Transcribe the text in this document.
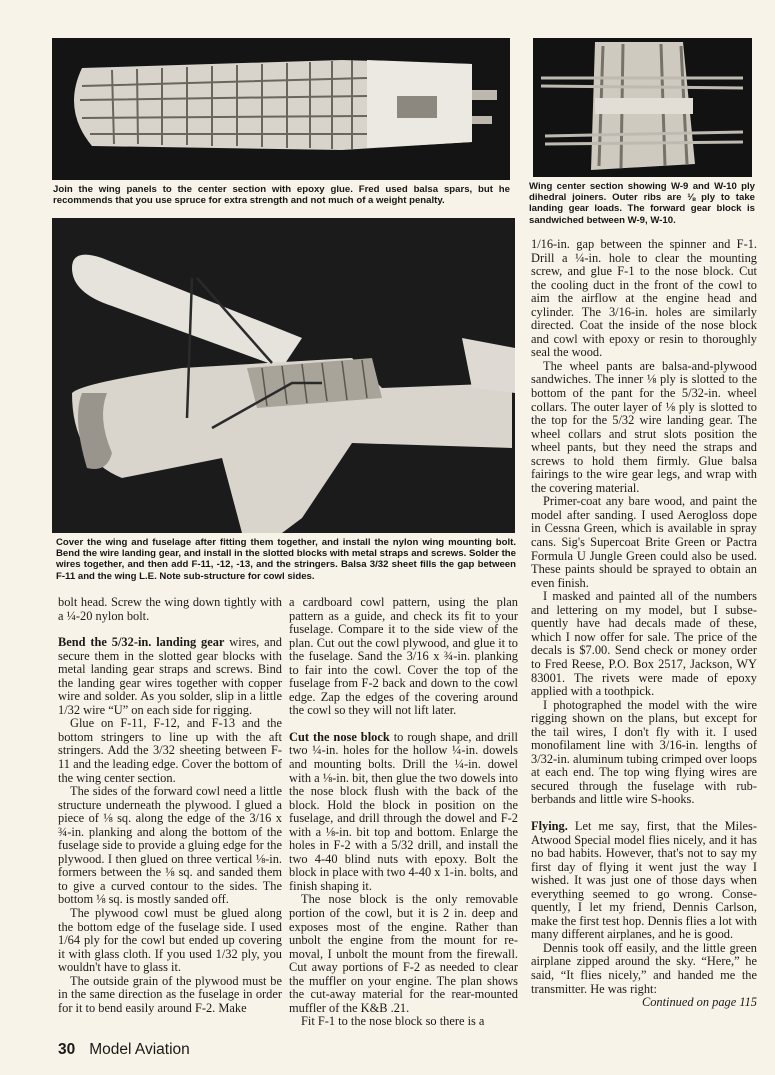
Join the wing panels to the center section with epoxy glue. Fred used balsa spars, but he recommends that you use spruce for extra strength and not much of a weight penalty.
Wing center section showing W-9 and W-10 ply dihedral joiners. Outer ribs are ⅛ ply to take landing gear loads. The forward gear block is sandwiched between W-9, W-10.
Cover the wing and fuselage after fitting them together, and install the nylon wing mounting bolt. Bend the wire landing gear, and install in the slotted blocks with metal straps and screws. Solder the wires together, and then add F-11, -12, -13, and the stringers. Balsa 3/32 sheet fills the gap between F-11 and the wing L.E. Note sub-structure for cowl sides.

bolt head. Screw the wing down tightly with a ¼-20 nylon bolt.

Bend the 5/32-in. landing gear wires, and secure them in the slotted gear blocks with metal landing gear straps and screws. Bind the landing gear wires together with copper wire and solder. As you solder, slip in a little 1/32 wire “U” on each side for rigging.

Glue on F-11, F-12, and F-13 and the bottom stringers to line up with the aft stringers. Add the 3/32 sheeting between F-11 and the leading edge. Cover the bottom of the wing center section.

The sides of the forward cowl need a little structure underneath the plywood. I glued a piece of ⅛ sq. along the edge of the 3/16 x ¾-in. planking and along the bottom of the fuselage side to provide a gluing edge for the plywood. I then glued on three vertical ⅛-in. formers between the ⅛ sq. and sanded them to give a curved contour to the sides. The bottom ⅛ sq. is mostly sanded off.

The plywood cowl must be glued along the bottom edge of the fuselage side. I used 1/64 ply for the cowl but ended up covering it with glass cloth. If you used 1/32 ply, you wouldn't have to glass it.

The outside grain of the plywood must be in the same direction as the fuselage in order for it to bend easily around F-2. Make

a cardboard cowl pattern, using the plan pattern as a guide, and check its fit to your fuselage. Compare it to the side view of the plan. Cut out the cowl plywood, and glue it to the fuselage. Sand the 3/16 x ¾-in. planking to fair into the cowl. Cover the top of the fuselage from F-2 back and down to the cowl edge. Zap the edges of the covering around the cowl so they will not lift later.

Cut the nose block to rough shape, and drill two ¼-in. holes for the hollow ¼-in. dowels and mounting bolts. Drill the ¼-in. dowel with a ⅛-in. bit, then glue the two dowels into the nose block flush with the back of the block. Hold the block in position on the fuselage, and drill through the dowel and F-2 with a ⅛-in. bit top and bottom. Enlarge the holes in F-2 with a 5/32 drill, and install the two 4-40 blind nuts with epoxy. Bolt the block in place with two 4-40 x 1-in. bolts, and finish shaping it.

The nose block is the only removable portion of the cowl, but it is 2 in. deep and exposes most of the engine. Rather than unbolt the engine from the mount for removal, I unbolt the mount from the firewall. Cut away portions of F-2 as needed to clear the muffler on your engine. The plan shows the cut-away material for the rear-mounted muffler of the K&B .21.

Fit F-1 to the nose block so there is a

1/16-in. gap between the spinner and F-1. Drill a ¼-in. hole to clear the mounting screw, and glue F-1 to the nose block. Cut the cooling duct in the front of the cowl to aim the airflow at the engine head and cylinder. The 3/16-in. holes are similarly directed. Coat the inside of the nose block and cowl with epoxy or resin to thoroughly seal the wood.

The wheel pants are balsa-and-plywood sandwiches. The inner ⅛ ply is slotted to the bottom of the pant for the 5/32-in. wheel collars. The outer layer of ⅛ ply is slotted to the top for the 5/32 wire landing gear. The wheel collars and strut slots position the wheel pants, but they need the straps and screws to hold them firmly. Glue balsa fairings to the wire gear legs, and wrap with the covering material.

Primer-coat any bare wood, and paint the model after sanding. I used Aerogloss dope in Cessna Green, which is available in spray cans. Sig's Supercoat Brite Green or Pactra Formula U Jungle Green could also be used. These paints should be sprayed to obtain an even finish.

I masked and painted all of the numbers and lettering on my model, but I subsequently have had decals made of these, which I now offer for sale. The price of the decals is $7.00. Send check or money order to Fred Reese, P.O. Box 2517, Jackson, WY 83001. The rivets were made of epoxy applied with a toothpick.

I photographed the model with the wire rigging shown on the plans, but except for the tail wires, I don't fly with it. I used monofilament line with 3/16-in. lengths of 3/32-in. aluminum tubing crimped over loops at each end. The top wing flying wires are secured through the fuselage with rubberbands and little wire S-hooks.

Flying. Let me say, first, that the Miles-Atwood Special model flies nicely, and it has no bad habits. However, that's not to say my first day of flying it went just the way I wished. It was just one of those days when everything seemed to go wrong. Consequently, I let my friend, Dennis Carlson, make the first test hop. Dennis flies a lot with many different airplanes, and he is good.

Dennis took off easily, and the little green airplane zipped around the sky. “Here,” he said, “It flies nicely,” and handed me the transmitter. He was right:

Continued on page 115

30 Model Aviation
